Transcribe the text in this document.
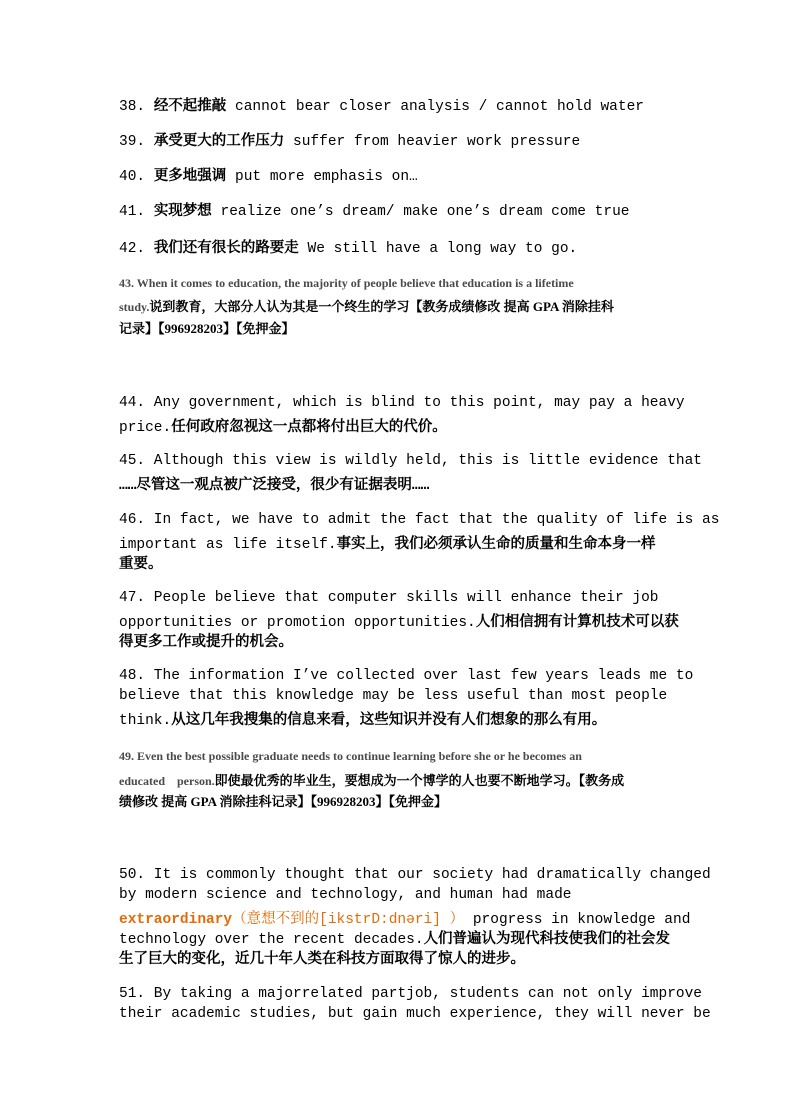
38. 经不起推敲 cannot bear closer analysis / cannot hold water
39. 承受更大的工作压力 suffer from heavier work pressure
40. 更多地强调 put more emphasis on…
41. 实现梦想 realize one’s dream/ make one’s dream come true
42. 我们还有很长的路要走 We still have a long way to go.
43. When it comes to education, the majority of people believe that education is a lifetime
study.说到教育，大部分人认为其是一个终生的学习【教务成绩修改 提高 GPA 消除挂科
记录】【996928203】【免押金】
44. Any government, which is blind to this point, may pay a heavy
price.任何政府忽视这一点都将付出巨大的代价。
45. Although this view is wildly held, this is little evidence that
……尽管这一观点被广泛接受，很少有证据表明……
46. In fact, we have to admit the fact that the quality of life is as
important as life itself.事实上，我们必须承认生命的质量和生命本身一样
重要。
47. People believe that computer skills will enhance their job
opportunities or promotion opportunities.人们相信拥有计算机技术可以获
得更多工作或提升的机会。
48. The information I’ve collected over last few years leads me to
believe that this knowledge may be less useful than most people
think.从这几年我搜集的信息来看，这些知识并没有人们想象的那么有用。
49. Even the best possible graduate needs to continue learning before she or he becomes an
educated    person.即使最优秀的毕业生，要想成为一个博学的人也要不断地学习。【教务成
绩修改 提高 GPA 消除挂科记录】【996928203】【免押金】
50. It is commonly thought that our society had dramatically changed
by modern science and technology, and human had made
extraordinary（意想不到的[ikstrD:dnəri] ） progress in knowledge and
technology over the recent decades.人们普遍认为现代科技使我们的社会发
生了巨大的变化，近几十年人类在科技方面取得了惊人的进步。
51. By taking a majorrelated partjob, students can not only improve
their academic studies, but gain much experience, they will never be
